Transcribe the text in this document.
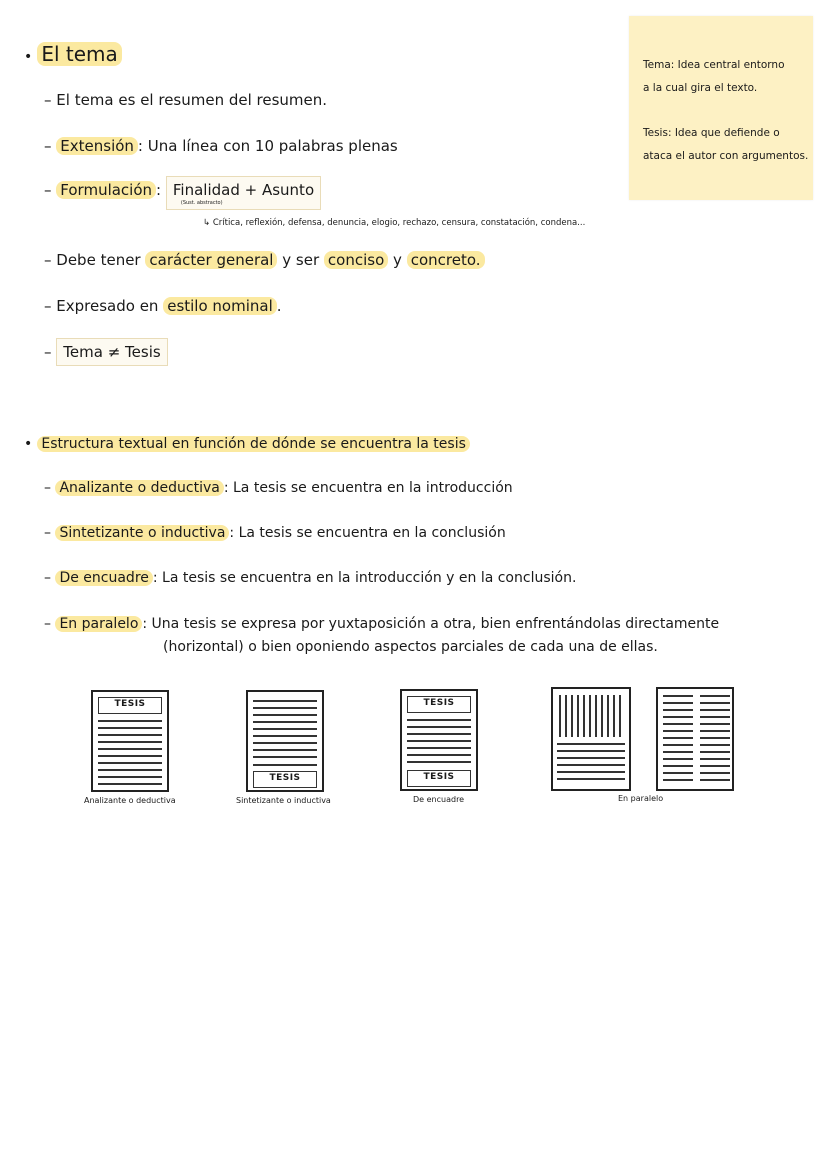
Tema: Idea central entorno

a la cual gira el texto.

Tesis: Idea que defiende o

ataca el autor con argumentos.

• El tema
– El tema es el resumen del resumen.
– Extensión : Una línea con 10 palabras plenas
– Formulación : Finalidad + Asunto
(Sust. abstracto)
↳ Crítica, reflexión, defensa, denuncia, elogio, rechazo, censura, constatación, condena...
– Debe tener carácter general y ser conciso y concreto.
– Expresado en estilo nominal .
– Tema ≠ Tesis
• Estructura textual en función de dónde se encuentra la tesis
– Analizante o deductiva : La tesis se encuentra en la introducción
– Sintetizante o inductiva : La tesis se encuentra en la conclusión
– De encuadre : La tesis se encuentra en la introducción y en la conclusión.
– En paralelo : Una tesis se expresa por yuxtaposición a otra, bien enfrentándolas directamente
(horizontal) o bien oponiendo aspectos parciales de cada una de ellas.
TESIS
Analizante o deductiva
TESIS
Sintetizante o inductiva
TESIS
TESIS
De encuadre	En paralelo
